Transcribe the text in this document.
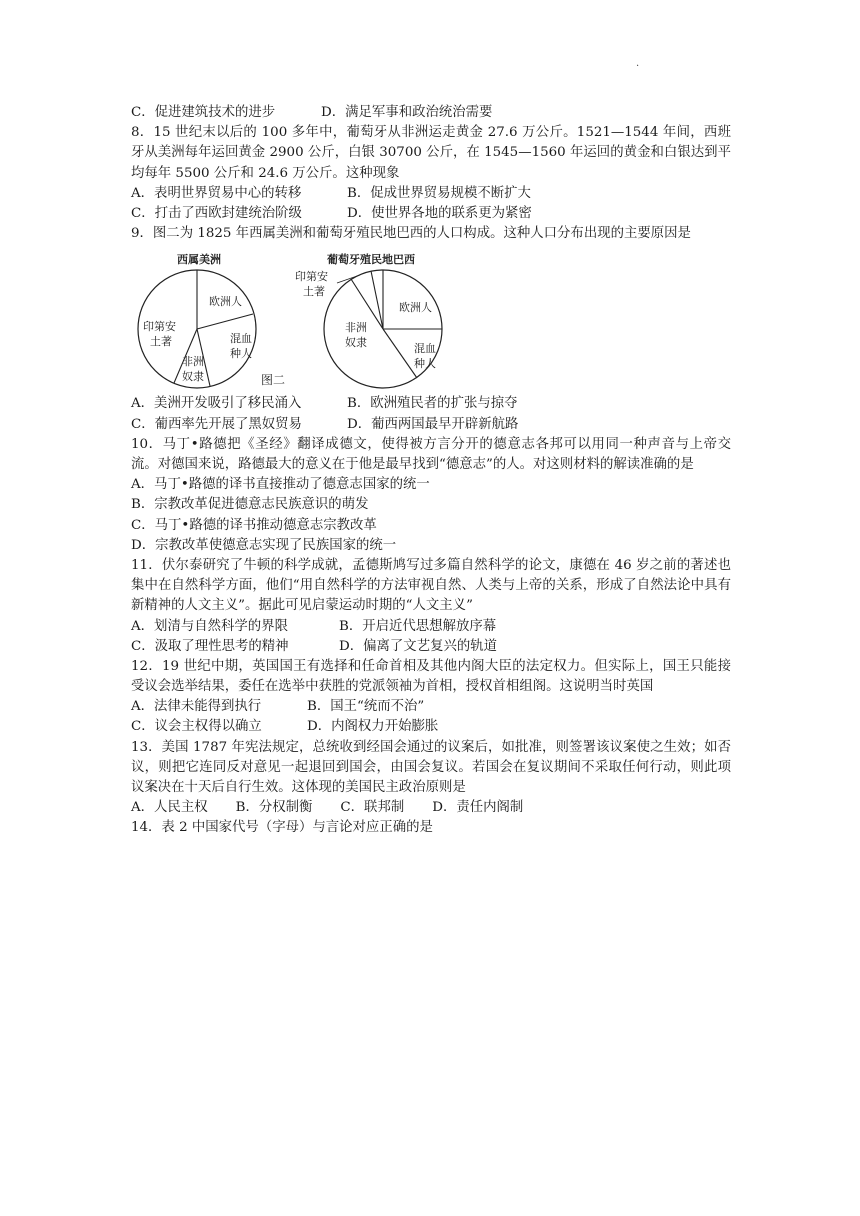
.
C．促进建筑技术的进步	D．满足军事和政治统治需要
8．15 世纪末以后的 100 多年中，葡萄牙从非洲运走黄金 27.6 万公斤。1521—1544 年间，西班牙从美洲每年运回黄金 2900 公斤，白银 30700 公斤，在 1545—1560 年运回的黄金和白银达到平均每年 5500 公斤和 24.6 万公斤。这种现象
A．表明世界贸易中心的转移	B．促成世界贸易规模不断扩大
C．打击了西欧封建统治阶级	D．使世界各地的联系更为紧密
9．图二为 1825 年西属美洲和葡萄牙殖民地巴西的人口构成。这种人口分布出现的主要原因是
西属美洲
欧洲人
混血
种人
非洲
奴隶
印第安
土著
葡萄牙殖民地巴西
印第安
土著
欧洲人
混血
种人
非洲
奴隶
图二
A．美洲开发吸引了移民涌入	B．欧洲殖民者的扩张与掠夺
C．葡西率先开展了黑奴贸易	D．葡西两国最早开辟新航路
10．马丁•路德把《圣经》翻译成德文，使得被方言分开的德意志各邦可以用同一种声音与上帝交流。对德国来说，路德最大的意义在于他是最早找到“德意志”的人。对这则材料的解读准确的是
A．马丁•路德的译书直接推动了德意志国家的统一
B．宗教改革促进德意志民族意识的萌发
C．马丁•路德的译书推动德意志宗教改革
D．宗教改革使德意志实现了民族国家的统一
11．伏尔泰研究了牛顿的科学成就，孟德斯鸠写过多篇自然科学的论文，康德在 46 岁之前的著述也集中在自然科学方面，他们“用自然科学的方法审视自然、人类与上帝的关系，形成了自然法论中具有新精神的人文主义”。据此可见启蒙运动时期的“人文主义”
A．划清与自然科学的界限	B．开启近代思想解放序幕
C．汲取了理性思考的精神	D．偏离了文艺复兴的轨道
12．19 世纪中期，英国国王有选择和任命首相及其他内阁大臣的法定权力。但实际上，国王只能接受议会选举结果，委任在选举中获胜的党派领袖为首相，授权首相组阁。这说明当时英国
A．法律未能得到执行	B．国王“统而不治”
C．议会主权得以确立	D．内阁权力开始膨胀
13．美国 1787 年宪法规定，总统收到经国会通过的议案后，如批准，则签署该议案使之生效；如否议，则把它连同反对意见一起退回到国会，由国会复议。若国会在复议期间不采取任何行动，则此项议案决在十天后自行生效。这体现的美国民主政治原则是
A．人民主权 B．分权制衡 C．联邦制 D．责任内阁制
14．表 2 中国家代号（字母）与言论对应正确的是
